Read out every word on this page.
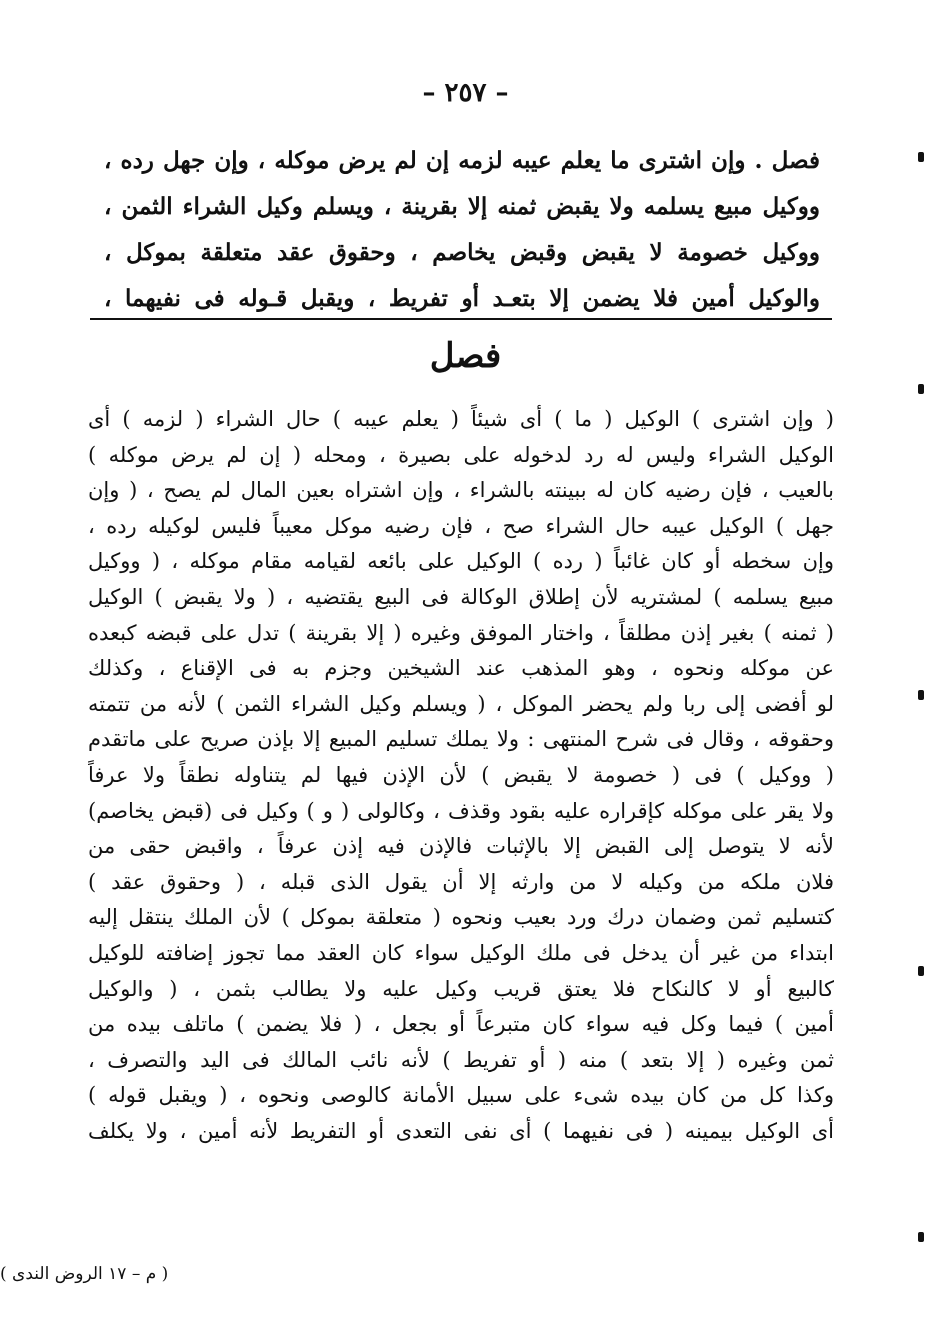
– ٢٥٧ –
فصل . وإن اشترى ما يعلم عيبه لزمه إن لم يرض موكله ، وإن جهل رده ،
ووكيل مبيع يسلمه ولا يقبض ثمنه إلا بقرينة ، ويسلم وكيل الشراء الثمن ،
ووكيل خصومة لا يقبض وقبض يخاصم ، وحقوق عقد متعلقة بموكل ،
والوكيل أمين فلا يضمن إلا بتعـد أو تفريط ، ويقبل قـوله فى نفيهما ،
فصل
( وإن اشترى ) الوكيل ( ما ) أى شيئاً ( يعلم عيبه ) حال الشراء ( لزمه ) أى
الوكيل الشراء وليس له رد لدخوله على بصيرة ، ومحله ( إن لم يرض موكله )
بالعيب ، فإن رضيه كان له ببينته بالشراء ، وإن اشتراه بعين المال لم يصح ، ( وإن
جهل ) الوكيل عيبه حال الشراء صح ، فإن رضيه موكل معيباً فليس لوكيله رده ،
وإن سخطه أو كان غائباً ( رده ) الوكيل على بائعه لقيامه مقام موكله ، ( ووكيل
مبيع يسلمه ) لمشتريه لأن إطلاق الوكالة فى البيع يقتضيه ، ( ولا يقبض ) الوكيل
( ثمنه ) بغير إذن مطلقاً ، واختار الموفق وغيره ( إلا بقرينة ) تدل على قبضه كبعده
عن موكله ونحوه ، وهو المذهب عند الشيخين وجزم به فى الإقناع ، وكذلك
لو أفضى إلى ربا ولم يحضر الموكل ، ( ويسلم وكيل الشراء الثمن ) لأنه من تتمته
وحقوقه ، وقال فى شرح المنتهى : ولا يملك تسليم المبيع إلا بإذن صريح على ماتقدم
( ووكيل ) فى ( خصومة لا يقبض ) لأن الإذن فيها لم يتناوله نطقاً ولا عرفاً
ولا يقر على موكله كإقراره عليه بقود وقذف ، وكالولى ( و ) وكيل فى (قبض يخاصم)
لأنه لا يتوصل إلى القبض إلا بالإثبات فالإذن فيه إذن عرفاً ، واقبض حقى من
فلان ملكه من وكيله لا من وارثه إلا أن يقول الذى قبله ، ( وحقوق عقد )
كتسليم ثمن وضمان درك ورد بعيب ونحوه ( متعلقة بموكل ) لأن الملك ينتقل إليه
ابتداء من غير أن يدخل فى ملك الوكيل سواء كان العقد مما تجوز إضافته للوكيل
كالبيع أو لا كالنكاح فلا يعتق قريب وكيل عليه ولا يطالب بثمن ، ( والوكيل
أمين ) فيما وكل فيه سواء كان متبرعاً أو بجعل ، ( فلا يضمن ) ماتلف بيده من
ثمن وغيره ( إلا بتعد ) منه ( أو تفريط ) لأنه نائب المالك فى اليد والتصرف ،
وكذا كل من كان بيده شىء على سبيل الأمانة كالوصى ونحوه ، ( ويقبل قوله )
أى الوكيل بيمينه ( فى نفيهما ) أى نفى التعدى أو التفريط لأنه أمين ، ولا يكلف
( م – ١٧ الروض الندى )
